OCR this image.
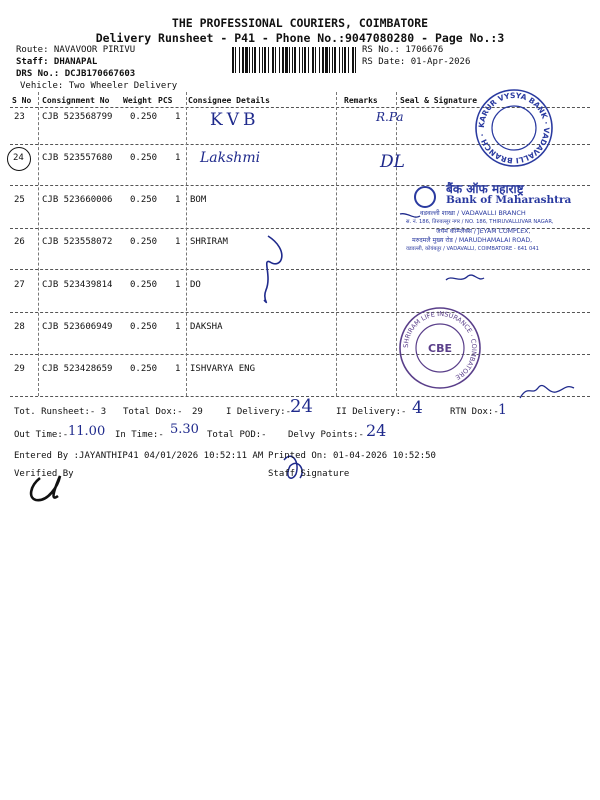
THE PROFESSIONAL COURIERS, COIMBATORE
Delivery Runsheet - P41 - Phone No.:9047080280 - Page No.:3
Route: NAVAVOOR PIRIVU
Staff: DHANAPAL
DRS No.: DCJB170667603
Vehicle: Two Wheeler Delivery
RS No.: 1706676
RS Date: 01-Apr-2026
S No Consignment No Weight PCS Consignee Details	Remarks	Seal & Signature
23 CJB 523568799 0.250 1 KVB	R.Pa
24 CJB 523557680 0.250 1 Lakshmi	DL
25 CJB 523660006 0.250 1 BOM
26 CJB 523558072 0.250 1 SHRIRAM
27 CJB 523439814 0.250 1 DO
28 CJB 523606949 0.250 1 DAKSHA
29 CJB 523428659 0.250 1 ISHVARYA ENG
KARUR VYSYA BANK · VADAVALLI BRANCH ·
बैंक ऑफ महाराष्ट्र
Bank of Maharashtra
वडवल्ली शाखा / VADAVALLI BRANCH
स. नं. 186, तिरुवल्लूर नगर / NO. 186, THIRUVALLUVAR NAGAR,
जयम कॉम्प्लेक्स / JEYAM COMPLEX,
मरुदमलै मुख्य रोड / MARUDHAMALAI ROAD,
वडवल्ली, कोयंबतूर / VADAVALLI, COIMBATORE - 641 041
SHRIRAM LIFE INSURANCE · COIMBATORE
CBE
Tot. Runsheet:- 3 Total Dox:- 29	I Delivery:-
24	II Delivery:- 4	RTN Dox:- 1
Out Time:- 11.00 In Time:- 5.30 Total POD:- Delvy Points:- 24
Entered By :JAYANTHIP41 04/01/2026 10:52:11 AM Printed On: 01-04-2026 10:52:50
Verified By	Staff Signature
